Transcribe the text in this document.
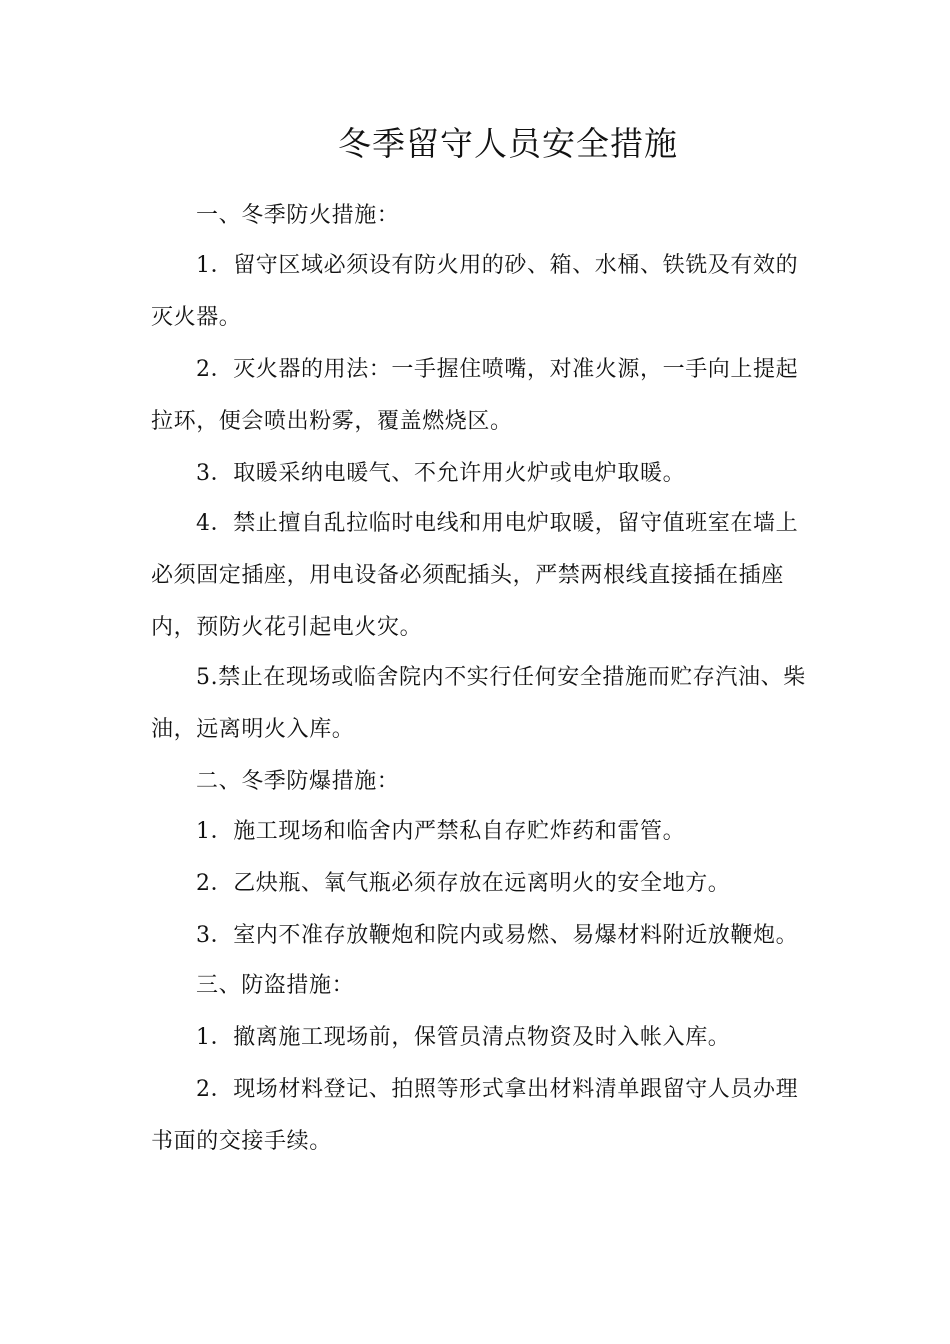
冬季留守人员安全措施

一、冬季防火措施：

1．留守区域必须设有防火用的砂、箱、水桶、铁铣及有效的

灭火器。

2．灭火器的用法：一手握住喷嘴，对准火源，一手向上提起

拉环，便会喷出粉雾，覆盖燃烧区。

3．取暖采纳电暖气、不允许用火炉或电炉取暖。

4．禁止擅自乱拉临时电线和用电炉取暖，留守值班室在墙上

必须固定插座，用电设备必须配插头，严禁两根线直接插在插座

内，预防火花引起电火灾。

5.禁止在现场或临舍院内不实行任何安全措施而贮存汽油、柴

油，远离明火入库。

二、冬季防爆措施：

1．施工现场和临舍内严禁私自存贮炸药和雷管。

2．乙炔瓶、氧气瓶必须存放在远离明火的安全地方。

3．室内不准存放鞭炮和院内或易燃、易爆材料附近放鞭炮。

三、防盗措施：

1．撤离施工现场前，保管员清点物资及时入帐入库。

2．现场材料登记、拍照等形式拿出材料清单跟留守人员办理

书面的交接手续。
